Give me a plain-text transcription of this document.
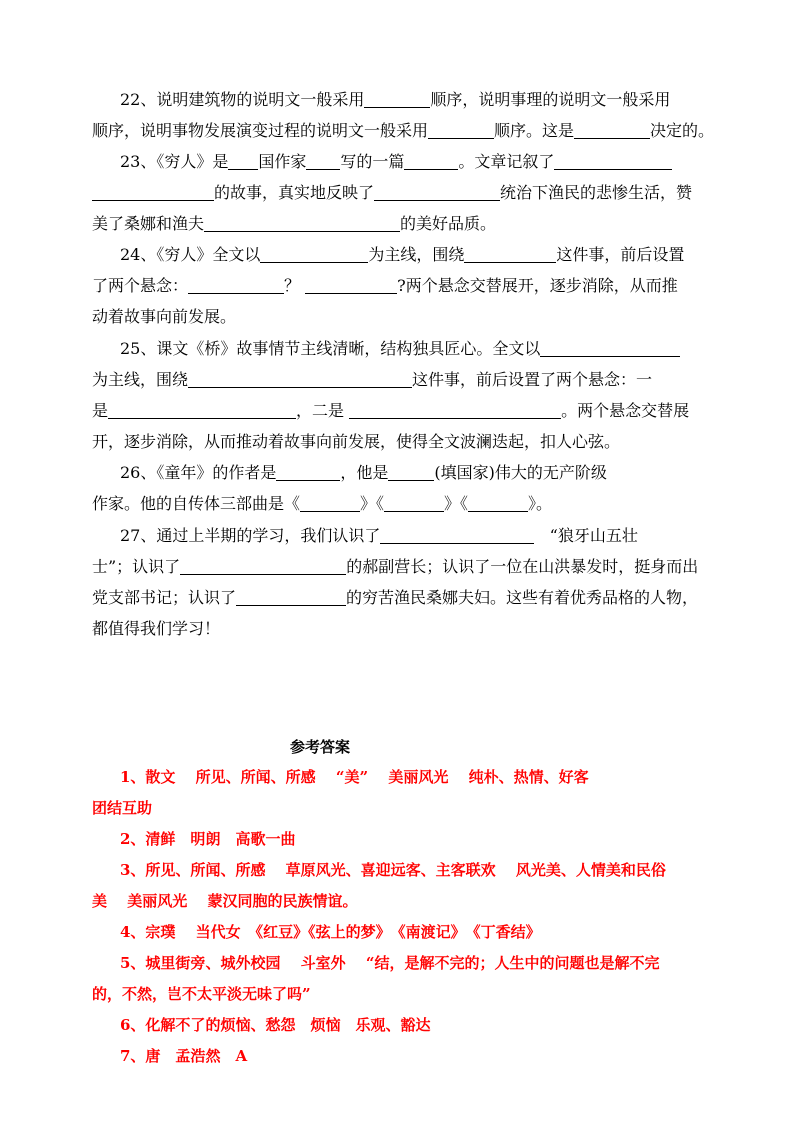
22、说明建筑物的说明文一般采用	顺序，说明事理的说明文一般采用
顺序，说明事物发展演变过程的说明文一般采用	顺序。这是	决定的。
23、《穷人》是 国作家 写的一篇	。文章记叙了
的故事，真实地反映了	统治下渔民的悲惨生活，赞
美了桑娜和渔夫	的美好品质。
24、《穷人》全文以	为主线，围绕	这件事，前后设置
了两个悬念：	？	?两个悬念交替展开，逐步消除，从而推
动着故事向前发展。
25、课文《桥》故事情节主线清晰，结构独具匠心。全文以
为主线，围绕	这件事，前后设置了两个悬念：一
是	，二是	。两个悬念交替展
开，逐步消除，从而推动着故事向前发展，使得全文波澜迭起，扣人心弦。
26、《童年》的作者是	，他是	(填国家)伟大的无产阶级
作家。他的自传体三部曲是《	》《	》《	》。
27、通过上半期的学习，我们认识了	“狼牙山五壮
士”；认识了	的郝副营长；认识了一位在山洪暴发时，挺身而出
党支部书记；认识了	的穷苦渔民桑娜夫妇。这些有着优秀品格的人物，
都值得我们学习！
参考答案
1、散文　 所见、所闻、所感　 “美”　 美丽风光　 纯朴、热情、好客
团结互助
2、清鲜　明朗　高歌一曲
3、所见、所闻、所感　 草原风光、喜迎远客、主客联欢　 风光美、人情美和民俗
美　 美丽风光　 蒙汉同胞的民族情谊。
4、宗璞　 当代女　《红豆》《弦上的梦》　《南渡记》　《丁香结》
5、城里街旁、城外校园　 斗室外　 “结，是解不完的；人生中的问题也是解不完
的，不然，岂不太平淡无味了吗”
6、化解不了的烦恼、愁怨　烦恼　乐观、豁达
7、唐　孟浩然　A
